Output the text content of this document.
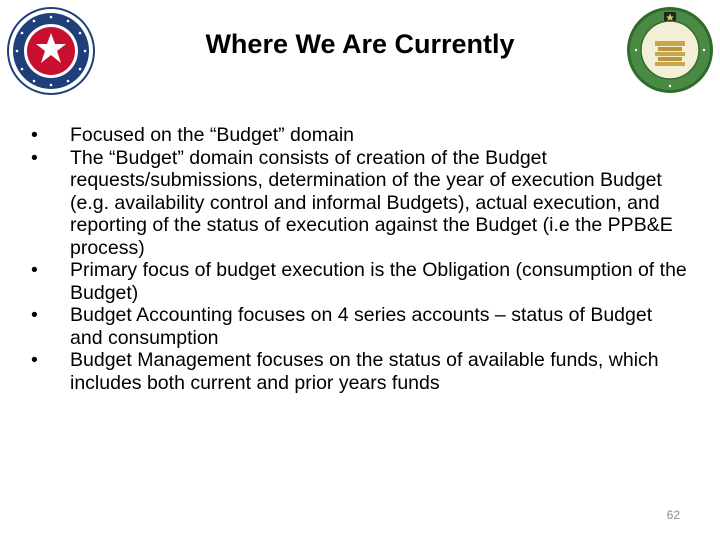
Where We Are Currently
• Focused on the “Budget” domain
• The “Budget” domain consists of creation of the Budget requests/submissions, determination of the year of execution Budget (e.g. availability control and informal Budgets), actual execution, and reporting of the status of execution against the Budget (i.e the PPB&E process)
• Primary focus of budget execution is the Obligation (consumption of the Budget)
• Budget Accounting focuses on 4 series accounts – status of Budget and consumption
• Budget Management focuses on the status of available funds, which includes both current and prior years funds
62
